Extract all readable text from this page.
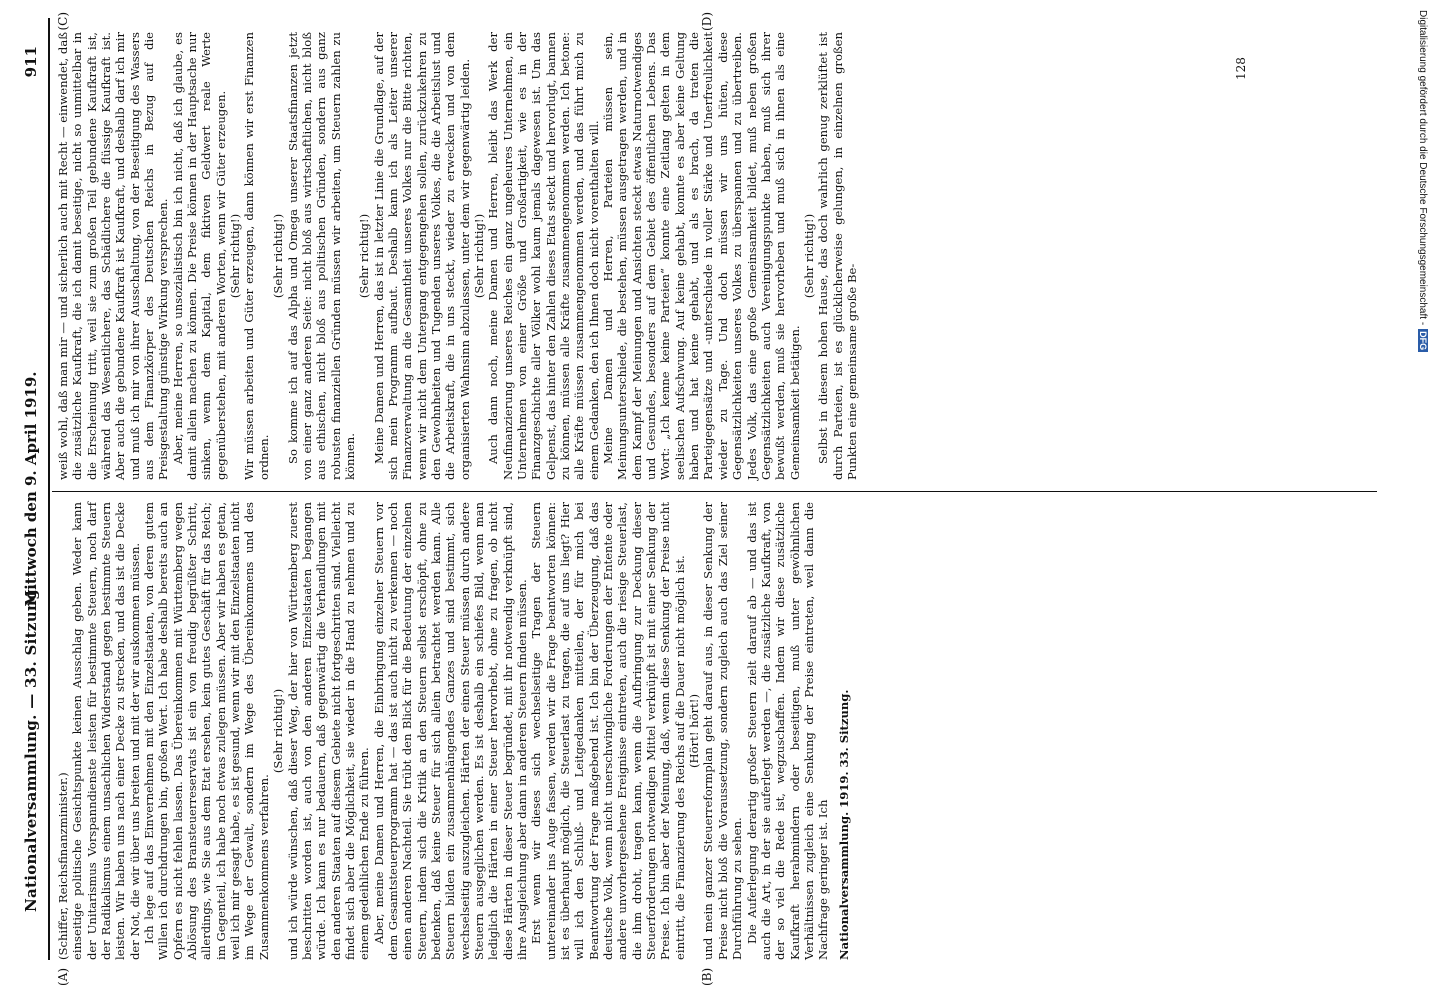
Nationalversammlung. — 33. Sitzung.
Mittwoch den 9. April 1919.
911
(A)	(B)
(C)	(D)

(Schiffer, Reichsfinanzminister.) einseitige politische Gesichtspunkte keinen Ausschlag geben. Weder kann der Unitarismus Vorspanndienste leisten für bestimmte Steuern, noch darf der Radikalismus einem unsachlichen Widerstand gegen bestimmte Steuern leisten. Wir haben uns nach einer Decke zu strecken, und das ist die Decke der Not, die wir über uns breiten und mit der wir auskommen müssen. Ich lege auf das Einvernehmen mit den Einzelstaaten, von deren gutem Willen ich durchdrungen bin, großen Wert. Ich habe deshalb bereits auch an Opfern es nicht fehlen lassen. Das Übereinkommen mit Württemberg wegen Ablösung des Bransteuerreservats ist ein von freudig begrüßter Schritt, allerdings, wie Sie aus dem Etat ersehen, kein gutes Geschäft für das Reich; im Gegenteil, ich habe noch etwas zulegen müssen. Aber wir haben es getan, weil ich mir gesagt habe, es ist gesund, wenn wir mit den Einzelstaaten nicht im Wege der Gewalt, sondern im Wege des Übereinkommens und des Zusammenkommens verfahren.

(Sehr richtig!) und ich würde wünschen, daß dieser Weg, der hier von Württemberg zuerst beschritten worden ist, auch von den anderen Einzelstaaten begangen würde. Ich kann es nur bedauern, daß gegenwärtig die Verhandlungen mit den anderen Staaten auf diesem Gebiete nicht fortgeschritten sind. Vielleicht findet sich aber die Möglichkeit, sie wieder in die Hand zu nehmen und zu einem gedeihlichen Ende zu führen. Aber, meine Damen und Herren, die Einbringung einzelner Steuern vor dem Gesamtsteuerprogramm hat — das ist auch nicht zu verkennen — noch einen anderen Nachteil. Sie trübt den Blick für die Bedeutung der einzelnen Steuern, indem sich die Kritik an den Steuern selbst erschöpft, ohne zu bedenken, daß keine Steuer für sich allein betrachtet werden kann. Alle Steuern bilden ein zusammenhängendes Ganzes und sind bestimmt, sich wechselseitig auszugleichen. Härten der einen Steuer müssen durch andere Steuern ausgeglichen werden. Es ist deshalb ein schiefes Bild, wenn man lediglich die Härten in einer Steuer hervorhebt, ohne zu fragen, ob nicht diese Härten in dieser Steuer begründet, mit ihr notwendig verknüpft sind, ihre Ausgleichung aber dann in anderen Steuern finden müssen. Erst wenn wir dieses sich wechselseitige Tragen der Steuern untereinander ins Auge fassen, werden wir die Frage beantworten können: ist es überhaupt möglich, die Steuerlast zu tragen, die auf uns liegt? Hier will ich den Schluß- und Leitgedanken mitteilen, der für mich bei Beantwortung der Frage maßgebend ist. Ich bin der Überzeugung, daß das deutsche Volk, wenn nicht unerschwingliche Forderungen der Entente oder andere unvorhergesehene Ereignisse eintreten, auch die riesige Steuerlast, die ihm droht, tragen kann, wenn die Aufbringung zur Deckung dieser Steuerforderungen notwendigen Mittel verknüpft ist mit einer Senkung der Preise. Ich bin aber der Meinung, daß, wenn diese Senkung der Preise nicht eintritt, die Finanzierung des Reichs auf die Dauer nicht möglich ist. (Hört! hört!) und mein ganzer Steuerreformplan geht darauf aus, in dieser Senkung der Preise nicht bloß die Voraussetzung, sondern zugleich auch das Ziel seiner Durchführung zu sehen. Die Auferlegung derartig großer Steuern zielt darauf ab — und das ist auch die Art, in der sie auferlegt werden —, die zusätzliche Kaufkraft, von der so viel die Rede ist, wegzuschaffen. Indem wir diese zusätzliche Kaufkraft herabmindern oder beseitigen, muß unter gewöhnlichen Verhältnissen zugleich eine Senkung der Preise eintreten, weil dann die Nachfrage geringer ist. Ich Nationalversammlung. 1919. 33. Sitzung.

weiß wohl, daß man mir — und sicherlich auch mit Recht — einwendet, daß die zusätzliche Kaufkraft, die ich damit beseitige, nicht so unmittelbar in die Erscheinung tritt, weil sie zum großen Teil gebundene Kaufkraft ist, während das Wesentlichere, das Schädlichere die flüssige Kaufkraft ist. Aber auch die gebundene Kaufkraft ist Kaufkraft, und deshalb darf ich mir und muß ich mir von ihrer Ausschaltung, von der Beseitigung des Wassers aus dem Finanzkörper des Deutschen Reichs in Bezug auf die Preisgestaltung günstige Wirkung versprechen. Aber, meine Herren, so unsozialistisch bin ich nicht, daß ich glaube, es damit allein machen zu können. Die Preise können in der Hauptsache nur sinken, wenn dem Kapital, dem fiktiven Geldwert reale Werte gegenüberstehen, mit anderen Worten, wenn wir Güter erzeugen. (Sehr richtig!) Wir müssen arbeiten und Güter erzeugen, dann können wir erst Finanzen ordnen.

(Sehr richtig!) So komme ich auf das Alpha und Omega unserer Staatsfinanzen jetzt von einer ganz anderen Seite: nicht bloß aus wirtschaftlichen, nicht bloß aus ethischen, nicht bloß aus politischen Gründen, sondern aus ganz robusten finanziellen Gründen müssen wir arbeiten, um Steuern zahlen zu können.

(Sehr richtig!) Meine Damen und Herren, das ist in letzter Linie die Grundlage, auf der sich mein Programm aufbaut. Deshalb kann ich als Leiter unserer Finanzverwaltung an die Gesamtheit unseres Volkes nur die Bitte richten, wenn wir nicht dem Untergang entgegengehen sollen, zurückzukehren zu den Gewohnheiten und Tugenden unseres Volkes, die die Arbeitslust und die Arbeitskraft, die in uns steckt, wieder zu erwecken und von dem organisierten Wahnsinn abzulassen, unter dem wir gegenwärtig leiden. (Sehr richtig!) Auch dann noch, meine Damen und Herren, bleibt das Werk der Neufinanzierung unseres Reiches ein ganz ungeheures Unternehmen, ein Unternehmen von einer Größe und Großartigkeit, wie es in der Finanzgeschichte aller Völker wohl kaum jemals dagewesen ist. Um das Gelpenst, das hinter den Zahlen dieses Etats steckt und hervorlugt, bannen zu können, müssen alle Kräfte zusammengenommen werden. Ich betone: alle Kräfte müssen zusammengenommen werden, und das führt mich zu einem Gedanken, den ich Ihnen doch nicht vorenthalten will. Meine Damen und Herren, Parteien müssen sein, Meinungsunterschiede, die bestehen, müssen ausgetragen werden, und in dem Kampf der Meinungen und Ansichten steckt etwas Naturnotwendiges und Gesundes, besonders auf dem Gebiet des öffentlichen Lebens. Das Wort: „Ich kenne keine Parteien“ konnte eine Zeitlang gelten in dem seelischen Aufschwung. Auf keine gehabt, konnte es aber keine Geltung haben und hat keine gehabt, und als es brach, da traten die Parteigegensätze und -unterschiede in voller Stärke und Unerfreulichkeit wieder zu Tage. Und doch müssen wir uns hüten, diese Gegensätzlichkeiten unseres Volkes zu überspannen und zu übertreiben. Jedes Volk, das eine große Gemeinsamkeit bildet, muß neben großen Gegensätzlichkeiten auch Vereinigungspunkte haben, muß sich ihrer bewußt werden, muß sie hervorheben und muß sich in ihnen als eine Gemeinsamkeit betätigen.

(Sehr richtig!) Selbst in diesem hohen Hause, das doch wahrlich genug zerklüftet ist durch Parteien, ist es glücklicherweise gelungen, in einzelnen großen Punkten eine gemeinsame große Be-

128	Digitalisierung gefördert durch die Deutsche Forschungsgemeinschaft -DFG
